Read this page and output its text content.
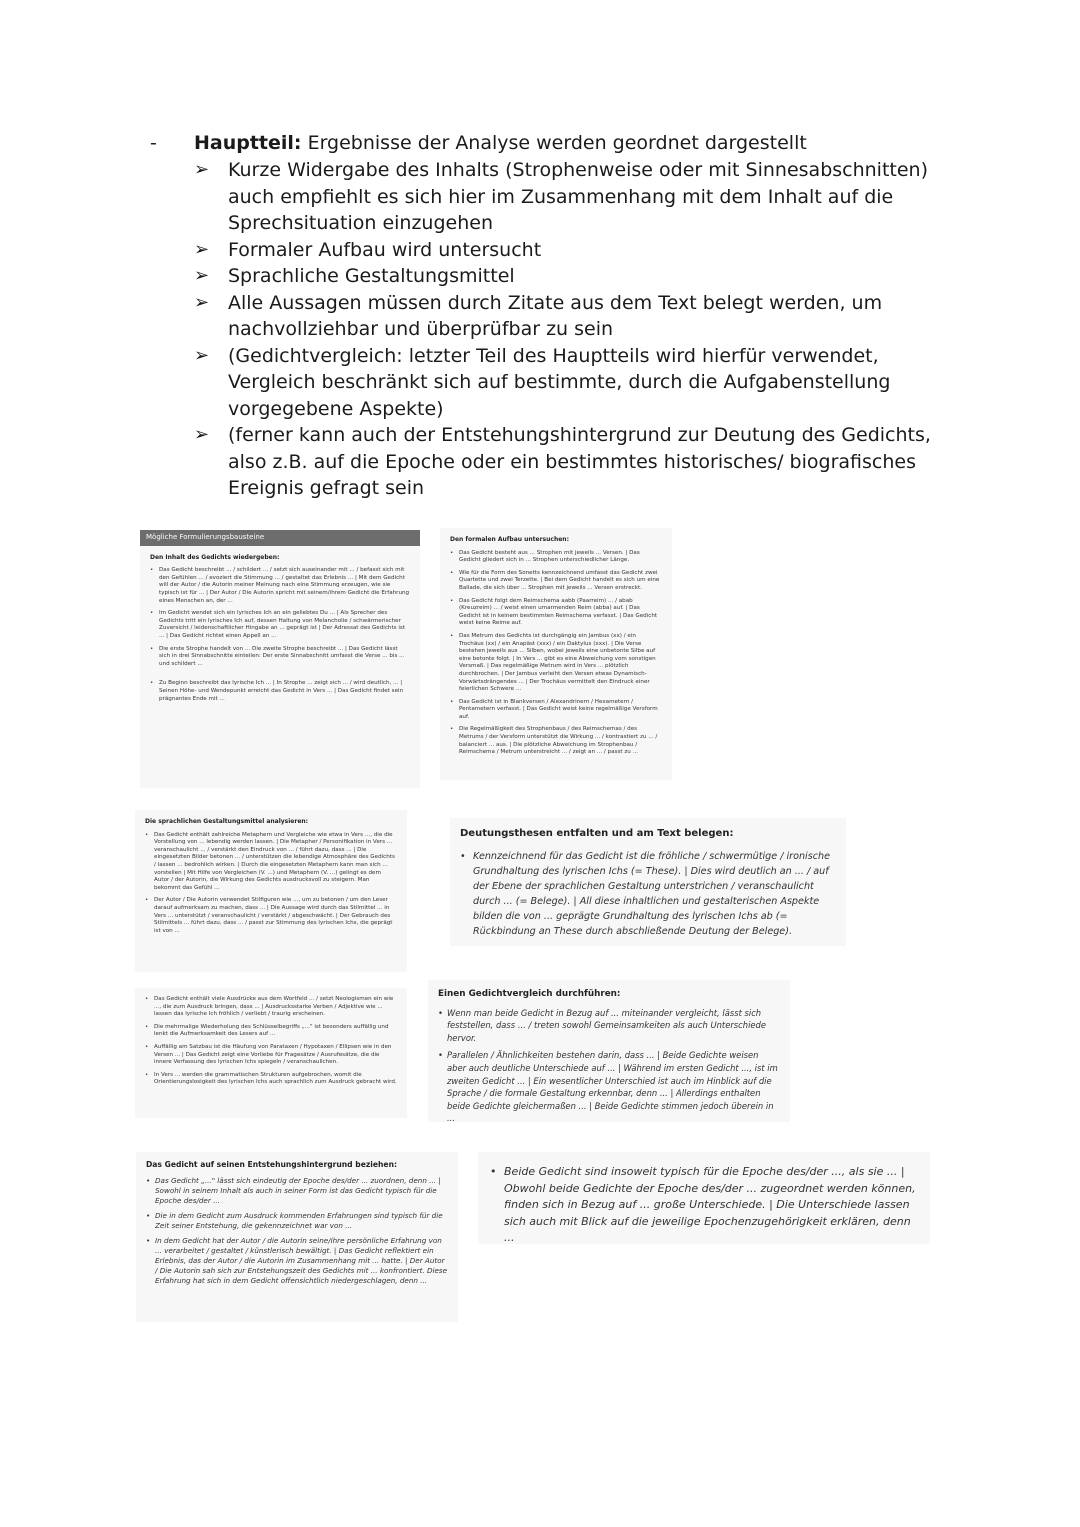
-	Hauptteil: Ergebnisse der Analyse werden geordnet dargestellt
➢ Kurze Widergabe des Inhalts (Strophenweise oder mit Sinnesabschnitten) auch empfiehlt es sich hier im Zusammenhang mit dem Inhalt auf die Sprechsituation einzugehen
➢ Formaler Aufbau wird untersucht
➢ Sprachliche Gestaltungsmittel
➢ Alle Aussagen müssen durch Zitate aus dem Text belegt werden, um nachvollziehbar und überprüfbar zu sein
➢ (Gedichtvergleich: letzter Teil des Hauptteils wird hierfür verwendet, Vergleich beschränkt sich auf bestimmte, durch die Aufgabenstellung vorgegebene Aspekte)
➢ (ferner kann auch der Entstehungshintergrund zur Deutung des Gedichts, also z.B. auf die Epoche oder ein bestimmtes historisches/ biografisches Ereignis gefragt sein
Mögliche Formulierungsbausteine
Den Inhalt des Gedichts wiedergeben:
• Das Gedicht beschreibt ... / schildert ... / setzt sich auseinander mit ... / befasst sich mit den Gefühlen ... / evoziert die Stimmung ... / gestaltet das Erlebnis ... | Mit dem Gedicht will der Autor / die Autorin meiner Meinung nach eine Stimmung erzeugen, wie sie typisch ist für ... | Der Autor / Die Autorin spricht mit seinem/ihrem Gedicht die Erfahrung eines Menschen an, der ...
• Im Gedicht wendet sich ein lyrisches Ich an ein geliebtes Du ... | Als Sprecher des Gedichts tritt ein lyrisches Ich auf, dessen Haltung von Melancholie / schwärmerischer Zuversicht / leidenschaftlicher Hingabe an ... geprägt ist | Der Adressat des Gedichts ist ... | Das Gedicht richtet einen Appell an ...
• Die erste Strophe handelt von ... Die zweite Strophe beschreibt ... | Das Gedicht lässt sich in drei Sinnabschnitte einteilen: Der erste Sinnabschnitt umfasst die Verse ... bis ... und schildert ...
• Zu Beginn beschreibt das lyrische Ich ... | In Strophe ... zeigt sich ... / wird deutlich, ... | Seinen Höhe- und Wendepunkt erreicht das Gedicht in Vers ... | Das Gedicht findet sein prägnantes Ende mit ...
Den formalen Aufbau untersuchen:
• Das Gedicht besteht aus ... Strophen mit jeweils ... Versen. | Das Gedicht gliedert sich in ... Strophen unterschiedlicher Länge.
• Wie für die Form des Sonetts kennzeichnend umfasst das Gedicht zwei Quartette und zwei Terzette. | Bei dem Gedicht handelt es sich um eine Ballade, die sich über ... Strophen mit jeweils ... Versen erstreckt.
• Das Gedicht folgt dem Reimschema aabb (Paarreim) ... / abab (Kreuzreim) ... / weist einen umarmenden Reim (abba) auf. | Das Gedicht ist in keinem bestimmten Reimschema verfasst. | Das Gedicht weist keine Reime auf.
• Das Metrum des Gedichts ist durchgängig ein Jambus (xx) / ein Trochäus (xx) / ein Anapäst (xxx) / ein Daktylus (xxx). | Die Verse bestehen jeweils aus ... Silben, wobei jeweils eine unbetonte Silbe auf eine betonte folgt. | In Vers ... gibt es eine Abweichung vom sonstigen Versmaß. | Das regelmäßige Metrum wird in Vers ... plötzlich durchbrochen. | Der Jambus verleiht den Versen etwas Dynamisch-Vorwärtsdrängendes ... | Der Trochäus vermittelt den Eindruck einer feierlichen Schwere ...
• Das Gedicht ist in Blankversen / Alexandrinern / Hexametern / Pentametern verfasst. | Das Gedicht weist keine regelmäßige Versform auf.
• Die Regelmäßigkeit des Strophenbaus / des Reimschemas / des Metrums / der Versform unterstützt die Wirkung ... / kontrastiert zu ... / balanciert ... aus. | Die plötzliche Abweichung im Strophenbau / Reimschema / Metrum unterstreicht ... / zeigt an ... / passt zu ...
Die sprachlichen Gestaltungsmittel analysieren:
• Das Gedicht enthält zahlreiche Metaphern und Vergleiche wie etwa in Vers ..., die die Vorstellung von ... lebendig werden lassen. | Die Metapher / Personifikation in Vers ... veranschaulicht ... / verstärkt den Eindruck von ... / führt dazu, dass ... | Die eingesetzten Bilder betonen ... / unterstützen die lebendige Atmosphäre des Gedichts / lassen ... bedrohlich wirken. | Durch die eingesetzten Metaphern kann man sich ... vorstellen | Mit Hilfe von Vergleichen (V. ...) und Metaphern (V. ...) gelingt es dem Autor / der Autorin, die Wirkung des Gedichts ausdrucksvoll zu steigern. Man bekommt das Gefühl ...
• Der Autor / Die Autorin verwendet Stilfiguren wie ..., um zu betonen / um den Leser darauf aufmerksam zu machen, dass ... | Die Aussage wird durch das Stilmittel ... in Vers ... unterstützt / veranschaulicht / verstärkt / abgeschwächt. | Der Gebrauch des Stilmittels ... führt dazu, dass ... / passt zur Stimmung des lyrischen Ichs, die geprägt ist von ...
• Das Gedicht enthält viele Ausdrücke aus dem Wortfeld ... / setzt Neologismen ein wie ..., die zum Ausdruck bringen, dass ... | Ausdrucksstarke Verben / Adjektive wie ... lassen das lyrische Ich fröhlich / verliebt / traurig erscheinen.
• Die mehrmalige Wiederholung des Schlüsselbegriffs „..." ist besonders auffällig und lenkt die Aufmerksamkeit des Lesers auf ...
• Auffällig am Satzbau ist die Häufung von Parataxen / Hypotaxen / Ellipsen wie in den Versen ... | Das Gedicht zeigt eine Vorliebe für Fragesätze / Ausrufesätze, die die innere Verfassung des lyrischen Ichs spiegeln / veranschaulichen.
• In Vers ... werden die grammatischen Strukturen aufgebrochen, womit die Orientierungslosigkeit des lyrischen Ichs auch sprachlich zum Ausdruck gebracht wird.
Deutungsthesen entfalten und am Text belegen:
• Kennzeichnend für das Gedicht ist die fröhliche / schwermütige / ironische Grundhaltung des lyrischen Ichs (= These). | Dies wird deutlich an ... / auf der Ebene der sprachlichen Gestaltung unterstrichen / veranschaulicht durch ... (= Belege). | All diese inhaltlichen und gestalterischen Aspekte bilden die von ... geprägte Grundhaltung des lyrischen Ichs ab (= Rückbindung an These durch abschließende Deutung der Belege).
Einen Gedichtvergleich durchführen:
• Wenn man beide Gedicht in Bezug auf ... miteinander vergleicht, lässt sich feststellen, dass ... / treten sowohl Gemeinsamkeiten als auch Unterschiede hervor.
• Parallelen / Ähnlichkeiten bestehen darin, dass ... | Beide Gedichte weisen aber auch deutliche Unterschiede auf ... | Während im ersten Gedicht ..., ist im zweiten Gedicht ... | Ein wesentlicher Unterschied ist auch im Hinblick auf die Sprache / die formale Gestaltung erkennbar, denn ... | Allerdings enthalten beide Gedichte gleichermaßen ... | Beide Gedichte stimmen jedoch überein in ...
Das Gedicht auf seinen Entstehungshintergrund beziehen:
• Das Gedicht „..." lässt sich eindeutig der Epoche des/der ... zuordnen, denn ... | Sowohl in seinem Inhalt als auch in seiner Form ist das Gedicht typisch für die Epoche des/der ...
• Die in dem Gedicht zum Ausdruck kommenden Erfahrungen sind typisch für die Zeit seiner Entstehung, die gekennzeichnet war von ...
• In dem Gedicht hat der Autor / die Autorin seine/ihre persönliche Erfahrung von ... verarbeitet / gestaltet / künstlerisch bewältigt. | Das Gedicht reflektiert ein Erlebnis, das der Autor / die Autorin im Zusammenhang mit ... hatte. | Der Autor / Die Autorin sah sich zur Entstehungszeit des Gedichts mit ... konfrontiert. Diese Erfahrung hat sich in dem Gedicht offensichtlich niedergeschlagen, denn ...
• Beide Gedicht sind insoweit typisch für die Epoche des/der ..., als sie ... | Obwohl beide Gedichte der Epoche des/der ... zugeordnet werden können, finden sich in Bezug auf ... große Unterschiede. | Die Unterschiede lassen sich auch mit Blick auf die jeweilige Epochenzugehörigkeit erklären, denn ...
